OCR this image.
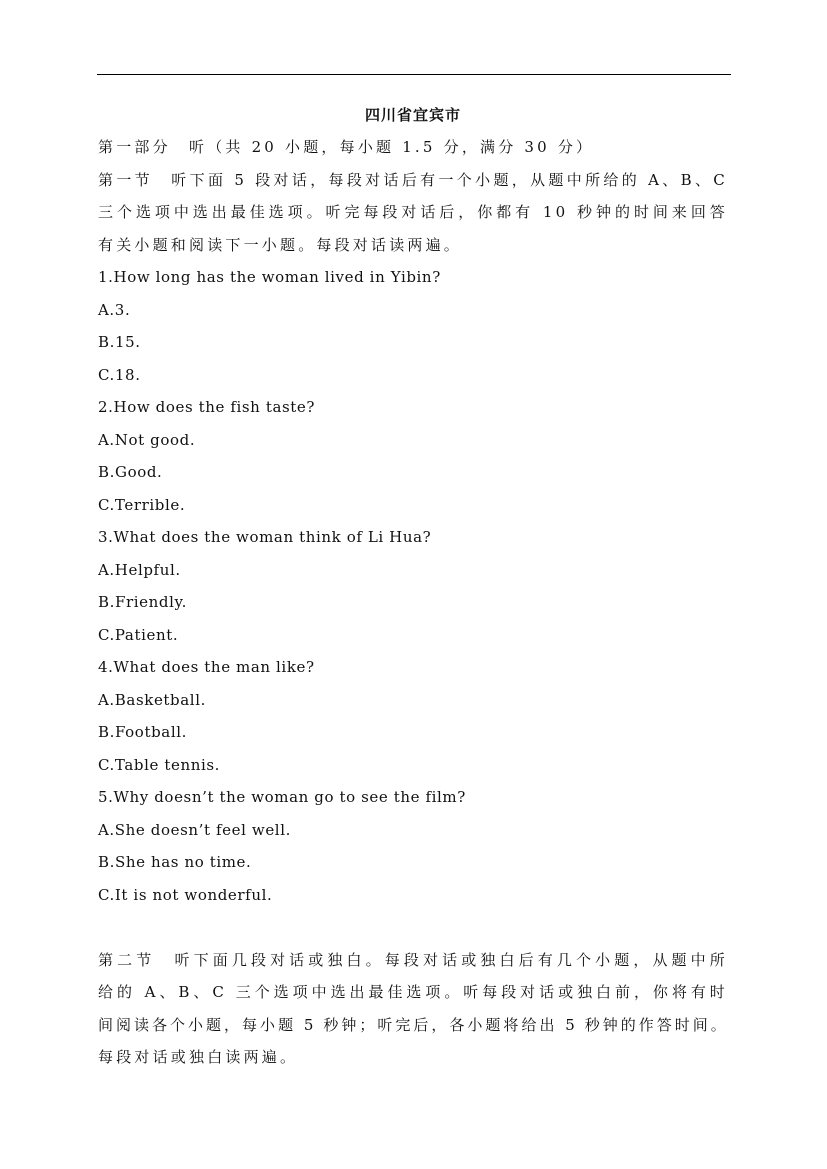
四川省宜宾市
第一部分　听（共 20 小题，每小题 1.5 分，满分 30 分）
第一节　听下面 5 段对话，每段对话后有一个小题，从题中所给的 A、B、C
三个选项中选出最佳选项。听完每段对话后，你都有 10 秒钟的时间来回答
有关小题和阅读下一小题。每段对话读两遍。
1.How long has the woman lived in Yibin?
A.3.
B.15.
C.18.
2.How does the fish taste?
A.Not good.
B.Good.
C.Terrible.
3.What does the woman think of Li Hua?
A.Helpful.
B.Friendly.
C.Patient.
4.What does the man like?
A.Basketball.
B.Football.
C.Table tennis.
5.Why doesn’t the woman go to see the film?
A.She doesn’t feel well.
B.She has no time.
C.It is not wonderful.
第二节　听下面几段对话或独白。每段对话或独白后有几个小题，从题中所
给的 A、B、C 三个选项中选出最佳选项。听每段对话或独白前，你将有时
间阅读各个小题，每小题 5 秒钟；听完后，各小题将给出 5 秒钟的作答时间。
每段对话或独白读两遍。
